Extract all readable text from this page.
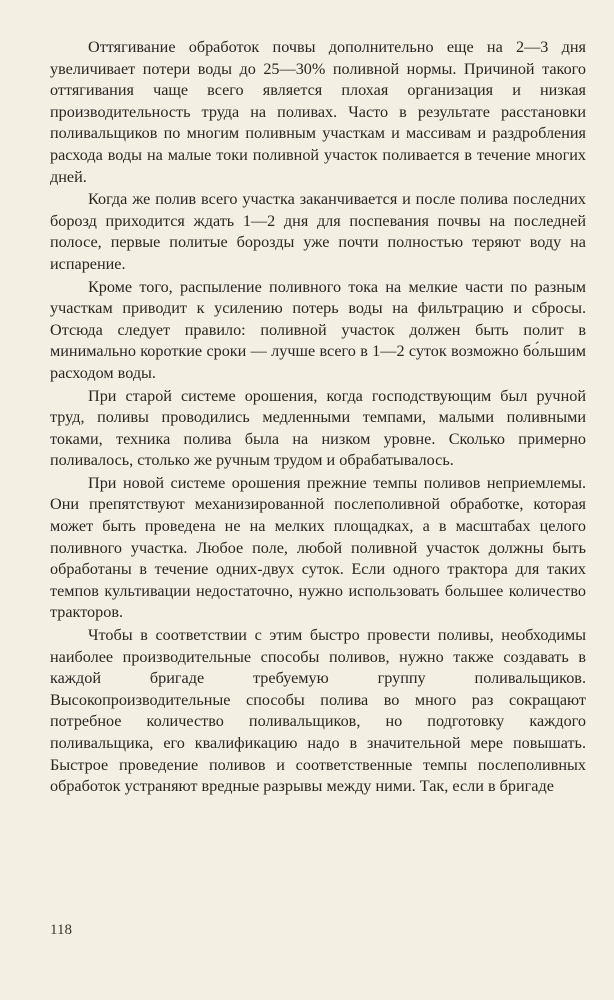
Оттягивание обработок почвы дополнительно еще на 2—3 дня увеличивает потери воды до 25—30% поливной нормы. Причиной такого оттягивания чаще всего является плохая организация и низкая производительность труда на поливах. Часто в результате расстановки поливальщиков по многим поливным участкам и массивам и раздробления расхода воды на малые токи поливной участок поливается в течение многих дней.

Когда же полив всего участка заканчивается и после полива последних борозд приходится ждать 1—2 дня для поспевания почвы на последней полосе, первые политые борозды уже почти полностью теряют воду на испарение.

Кроме того, распыление поливного тока на мелкие части по разным участкам приводит к усилению потерь воды на фильтрацию и сбросы. Отсюда следует правило: поливной участок должен быть полит в минимально короткие сроки — лучше всего в 1—2 суток возможно бо́льшим расходом воды.

При старой системе орошения, когда господствующим был ручной труд, поливы проводились медленными темпами, малыми поливными токами, техника полива была на низком уровне. Сколько примерно поливалось, столько же ручным трудом и обрабатывалось.

При новой системе орошения прежние темпы поливов неприемлемы. Они препятствуют механизированной послеполивной обработке, которая может быть проведена не на мелких площадках, а в масштабах целого поливного участка. Любое поле, любой поливной участок должны быть обработаны в течение одних-двух суток. Если одного трактора для таких темпов культивации недостаточно, нужно использовать большее количество тракторов.

Чтобы в соответствии с этим быстро провести поливы, необходимы наиболее производительные способы поливов, нужно также создавать в каждой бригаде требуемую группу поливальщиков. Высокопроизводительные способы полива во много раз сокращают потребное количество поливальщиков, но подготовку каждого поливальщика, его квалификацию надо в значительной мере повышать. Быстрое проведение поливов и соответственные темпы послеполивных обработок устраняют вредные разрывы между ними. Так, если в бригаде

118
